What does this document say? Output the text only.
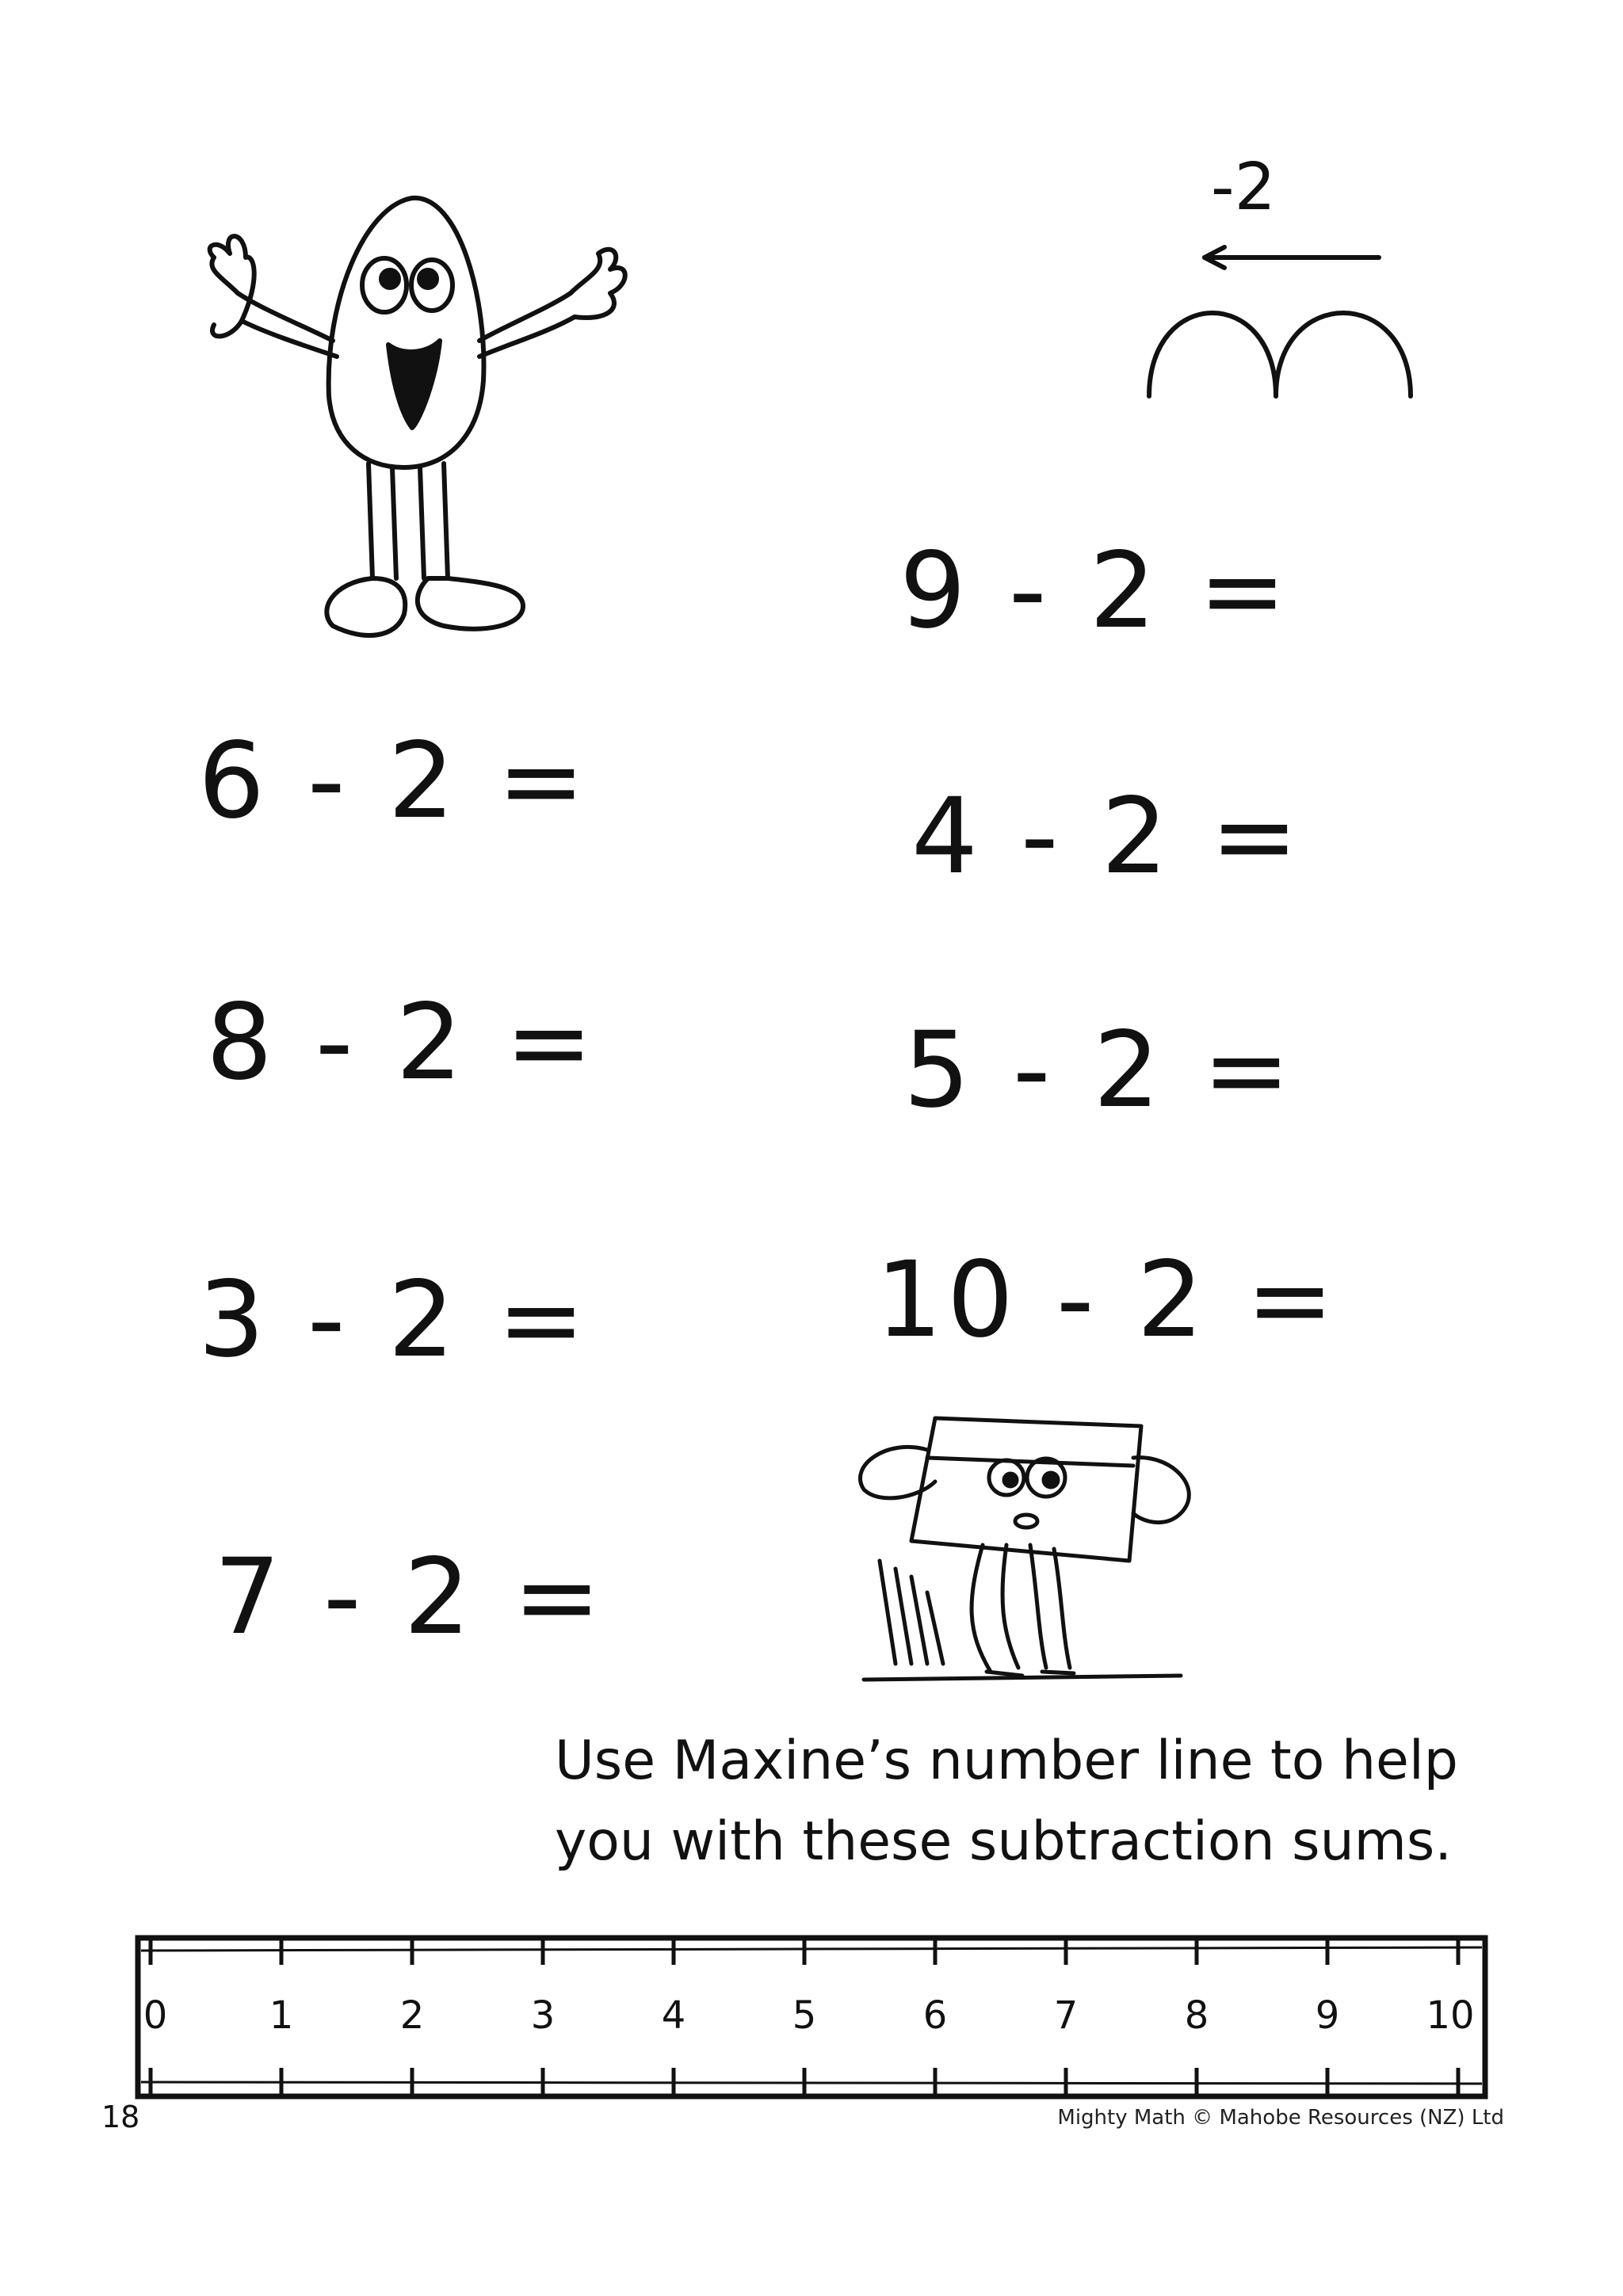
-2
6 - 2 =
8 - 2 =
3 - 2 =
7 - 2 =
9 - 2 =
4 - 2 =
5 - 2 =
10 - 2 =
Use Maxine’s number line to help
you with these subtraction sums.
0	1	2	3	4	5	6	7	8	9 10
18	Mighty Math © Mahobe Resources (NZ) Ltd
